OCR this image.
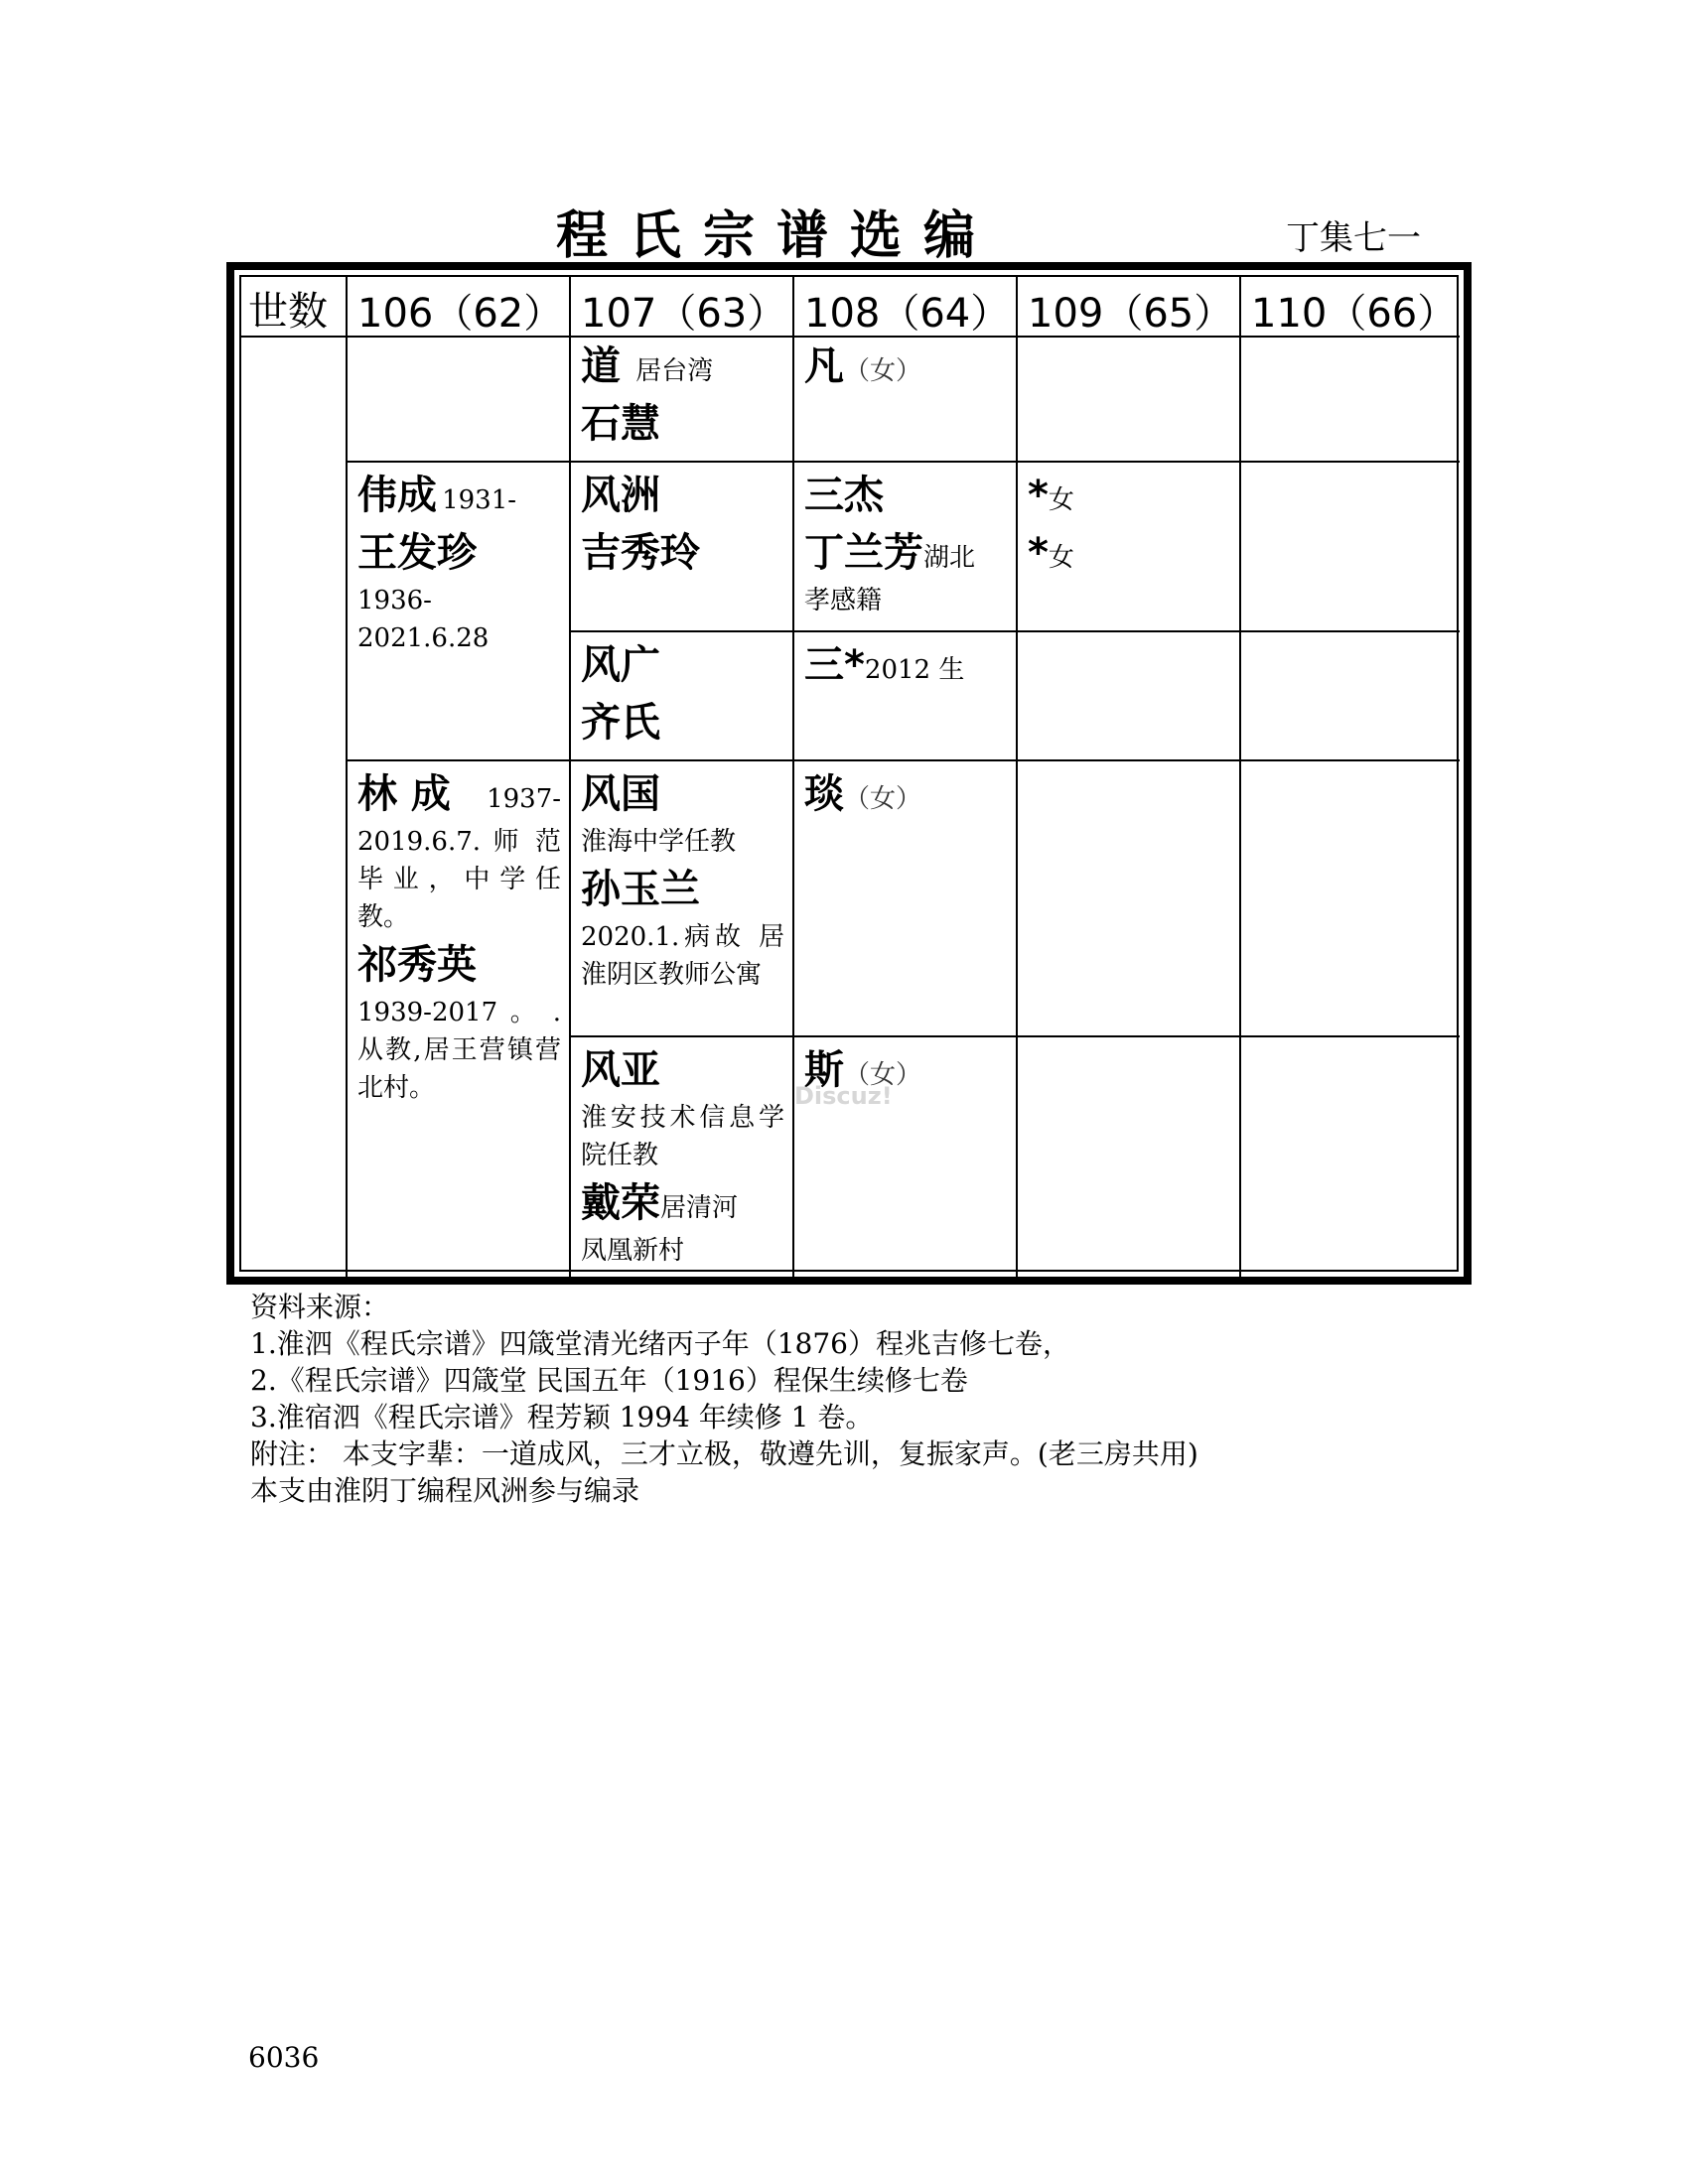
程氏宗谱选编	丁集七一
世数 106（62） 107（63） 108（64） 109（65） 110（66）
道 居台湾
石慧
凡（女）
伟成 1931-
王发珍
1936-2021.6.28
风洲
吉秀玲
三杰
丁兰芳湖北
孝感籍
*女
*女
风广
齐氏
三*2012 生
林成 1937-2019.6.7. 师 范 毕业，中学任教。
祁秀英
1939-2017 。 . 从教,居王营镇营北村。
风国
淮海中学任教
孙玉兰
2020.1.病故 居淮阴区教师公寓
琰（女）
风亚
淮安技术信息学院任教
戴荣居清河
凤凰新村
斯（女）
Discuz!
资料来源：
1.淮泗《程氏宗谱》四箴堂清光绪丙子年（1876）程兆吉修七卷，
2.《程氏宗谱》四箴堂 民国五年（1916）程保生续修七卷
3.淮宿泗《程氏宗谱》程芳颖 1994 年续修 1 卷。
附注： 本支字辈：一道成风，三才立极，敬遵先训，复振家声。(老三房共用)
本支由淮阴丁编程风洲参与编录
6036
